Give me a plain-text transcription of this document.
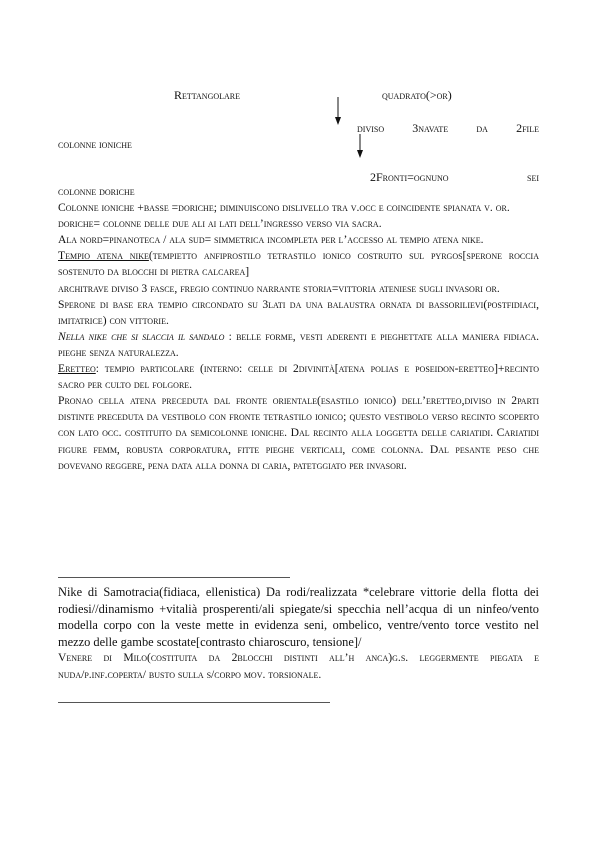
Rettangolare	quadrato(>or)
diviso 3navate da 2file
colonne ioniche
2Fronti=ognuno	sei

colonne doriche

Colonne ioniche +basse =doriche; diminuiscono dislivello tra v.occ e coincidente spianata v. or.

doriche= colonne delle due ali ai lati dell’ingresso verso via sacra.

Ala nord=pinanoteca / ala sud= simmetrica incompleta per l’accesso al tempio atena nike.

Tempio atena nike(tempietto anfiprostilo tetrastilo ionico costruito sul pyrgos[sperone roccia sostenuto da blocchi di pietra calcarea]

architrave diviso 3 fasce, fregio continuo narrante storia=vittoria ateniese sugli invasori or.

Sperone di base era tempio circondato su 3lati da una balaustra ornata di bassorilievi(postfidiaci, imitatrice) con vittorie.

Nella nike che si slaccia il sandalo : belle forme, vesti aderenti e pieghettate alla maniera fidiaca. pieghe senza naturalezza.

Eretteo: tempio particolare (interno: celle di 2divinità[atena polias e poseidon-eretteo]+recinto sacro per culto del folgore.

Pronao cella atena preceduta dal fronte orientale(esastilo ionico) dell’eretteo,diviso in 2parti distinte preceduta da vestibolo con fronte tetrastilo ionico; questo vestibolo verso recinto scoperto con lato occ. costituito da semicolonne ioniche. Dal recinto alla loggetta delle cariatidi. Cariatidi figure femm, robusta corporatura, fitte pieghe verticali, come colonna. Dal pesante peso che dovevano reggere, pena data alla donna di caria, patetggiato per invasori.

Nike di Samotracia(fidiaca, ellenistica) Da rodi/realizzata *celebrare vittorie della flotta dei rodiesi//dinamismo +vitalià prosperenti/ali spiegate/si specchia nell’acqua di un ninfeo/vento modella corpo con la veste mette in evidenza seni, ombelico, ventre/vento torce vestito nel mezzo delle gambe scostate[contrasto chiaroscuro, tensione]/

Venere di Milo(costituita da 2blocchi distinti all’h anca)g.s. leggermente piegata e nuda/p.inf.coperta/ busto sulla s/corpo mov. torsionale.
